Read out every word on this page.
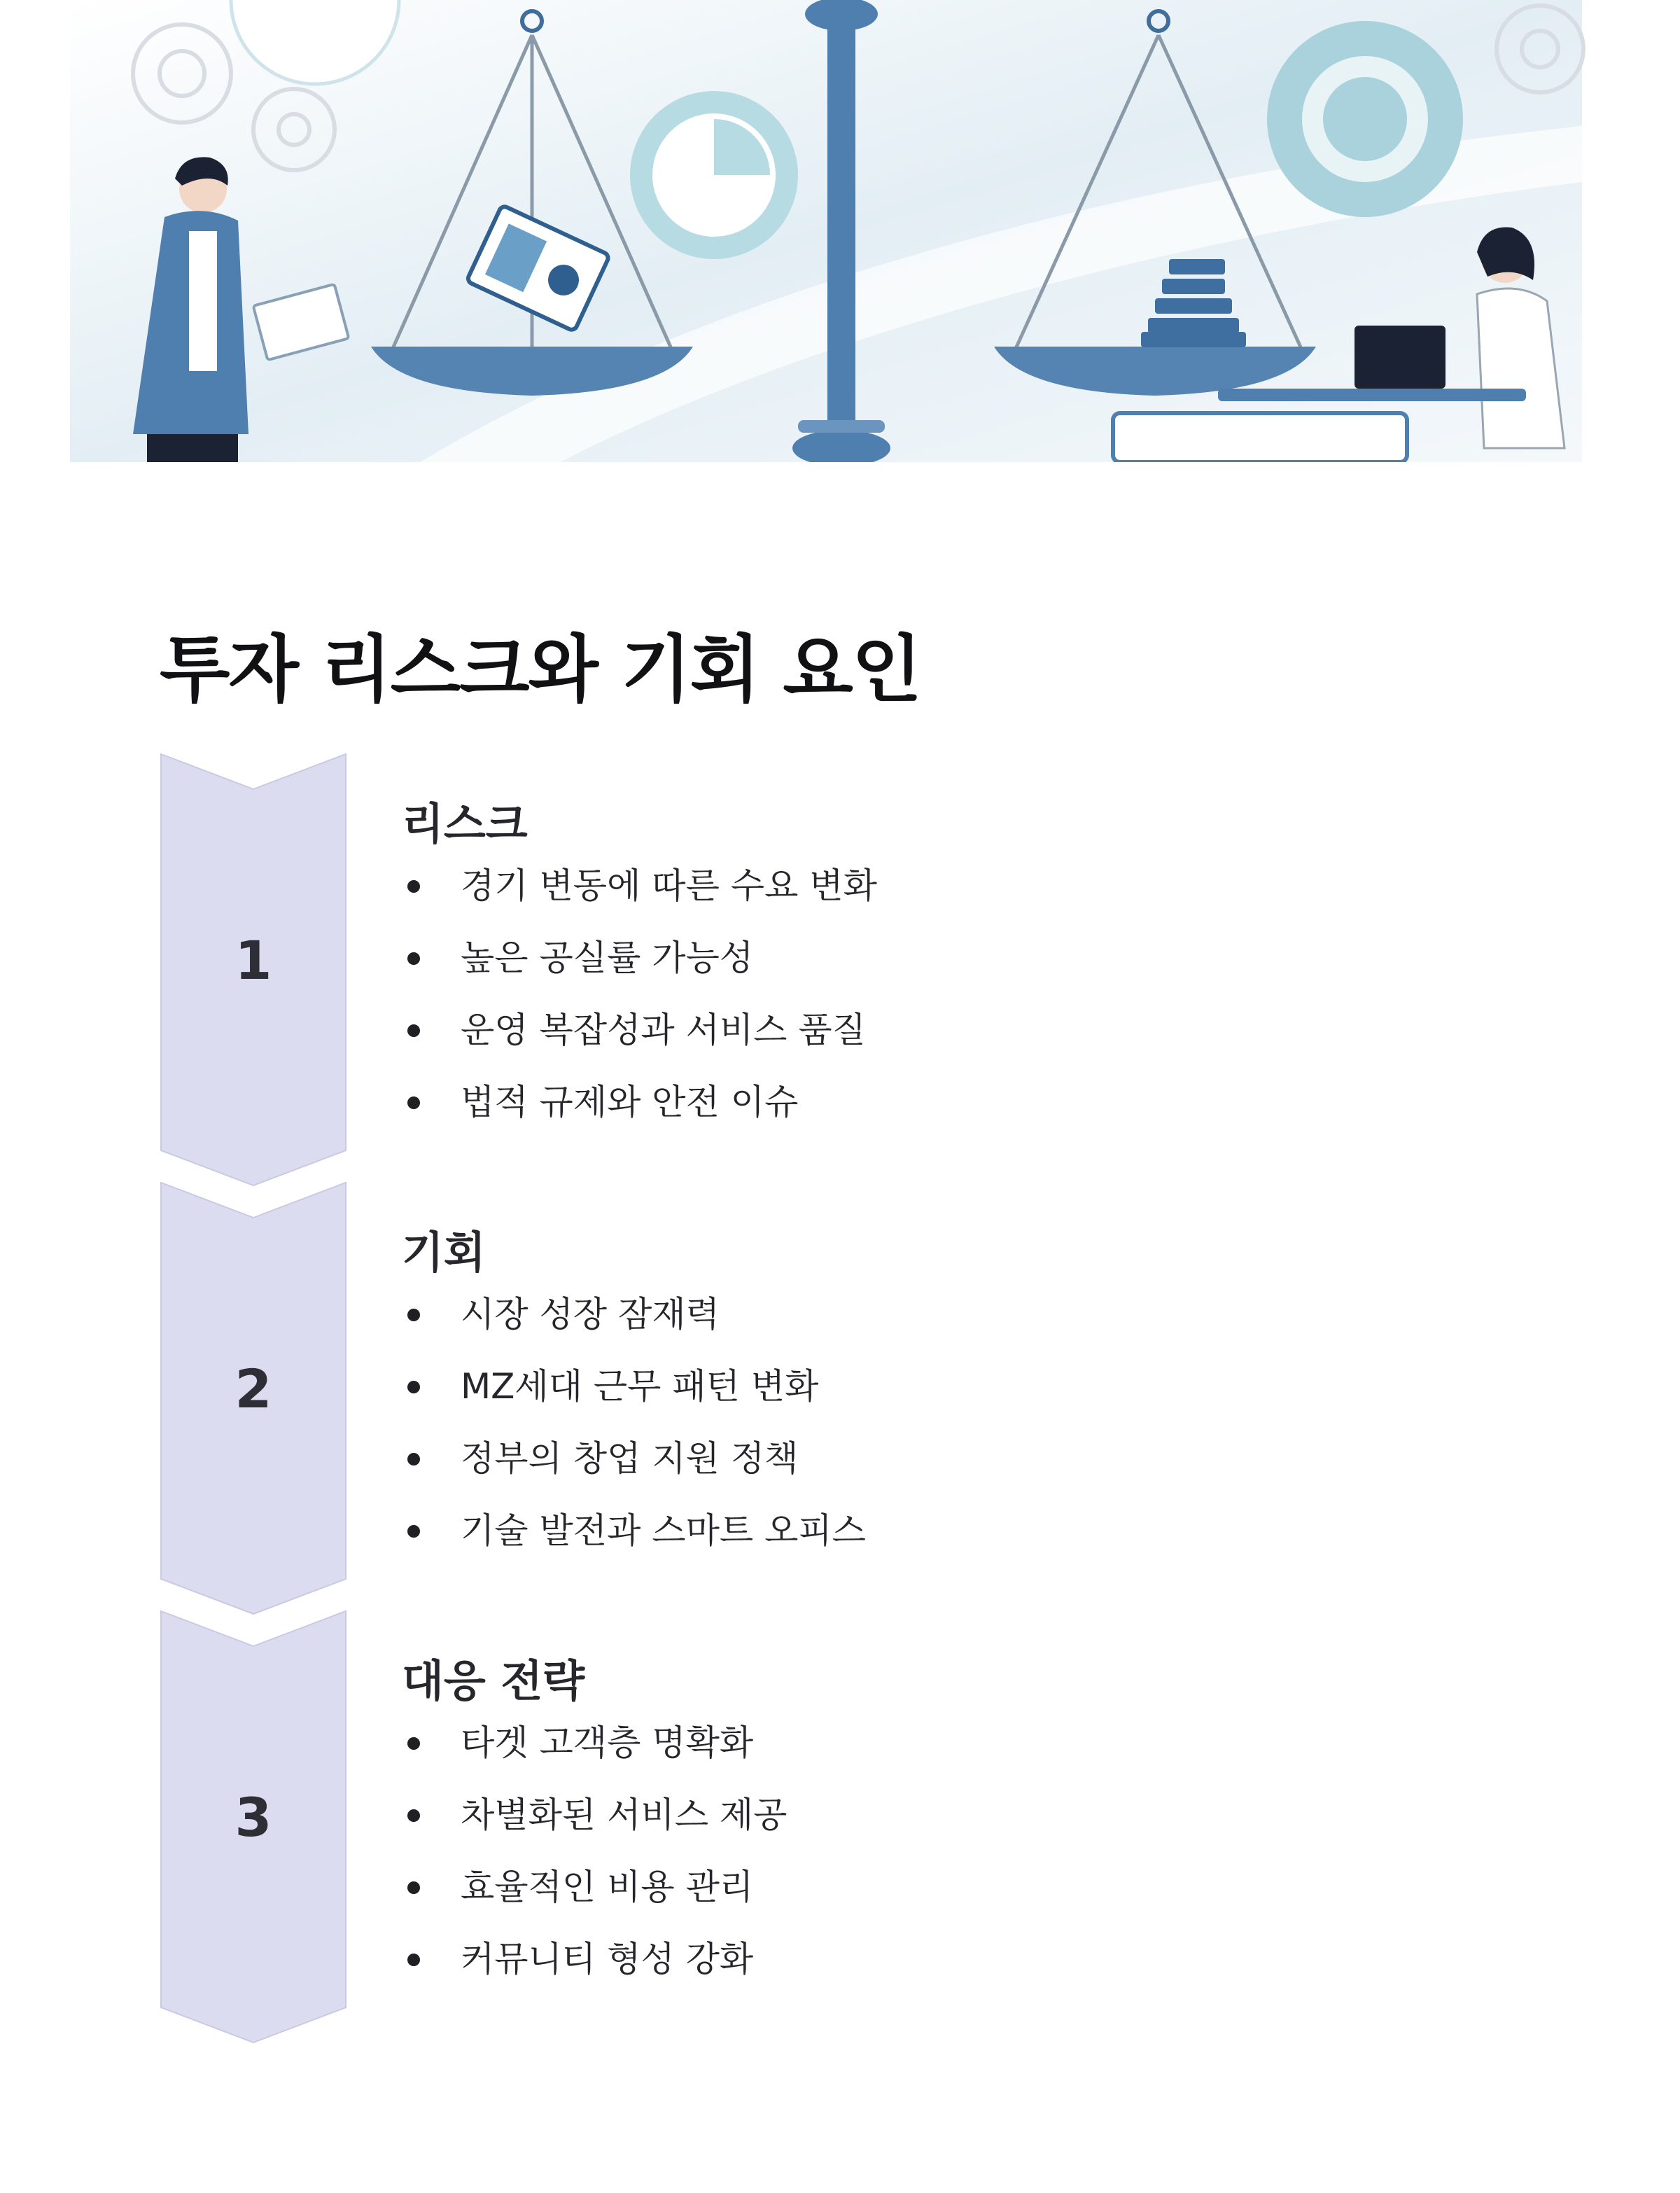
투자 리스크와 기회 요인
1
리스크
경기 변동에 따른 수요 변화
높은 공실률 가능성
운영 복잡성과 서비스 품질
법적 규제와 안전 이슈
2
기회
시장 성장 잠재력
MZ세대 근무 패턴 변화
정부의 창업 지원 정책
기술 발전과 스마트 오피스
3
대응 전략
타겟 고객층 명확화
차별화된 서비스 제공
효율적인 비용 관리
커뮤니티 형성 강화
